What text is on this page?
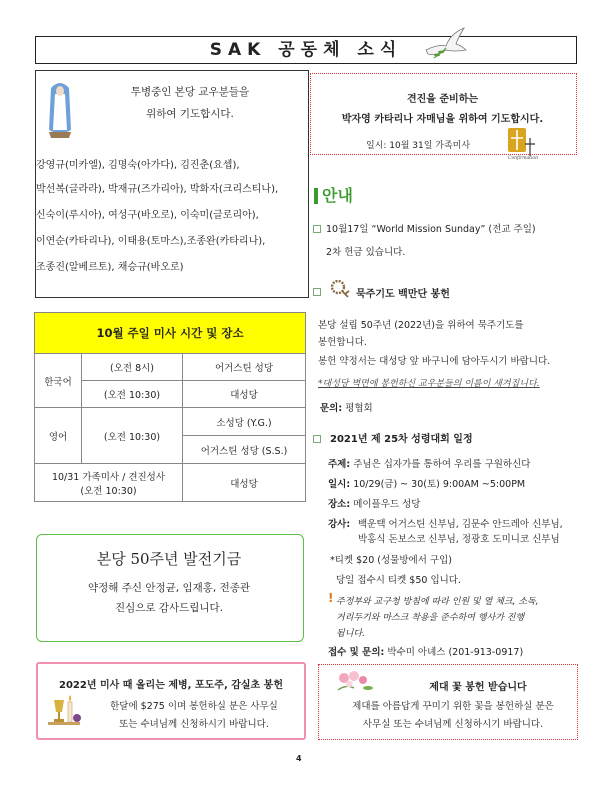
SAK 공동체 소식
투병중인 본당 교우분들을
위하여 기도합시다.
강영규(미카엘), 김명숙(아가다), 김진춘(요셉),
박선복(글라라), 박재규(즈가리아), 박화자(크리스티나),
신숙이(루시아), 여성구(바오로), 이숙미(글로리아),
이연순(카타리나), 이태용(토마스),조종완(카타리나),
조종진(알베르토), 채승규(바오로)
견진을 준비하는
박자영 카타리나 자매님을 위하여 기도합시다.
일시: 10월 31일 가족미사
Confirmation
안내
10월17일 “World Mission Sunday” (전교 주일)
2차 헌금 있습니다.
묵주기도 백만단 봉헌
본당 설립 50주년 (2022년)을 위하여 묵주기도를
봉헌합니다.
봉헌 약정서는 대성당 앞 바구니에 담아두시기 바랍니다.
*대성당 벽면에 봉헌하신 교우분들의 이름이 새겨집니다.
문의: 평협회
2021년 제 25차 성령대회 일정
주제: 주님은 십자가를 통하여 우리를 구원하신다
일시: 10/29(금) ~ 30(토) 9:00AM ~5:00PM
장소: 메이플우드 성당
강사: 백운택 어거스틴 신부님, 김문수 안드레아 신부님,
박홍식 돈보스코 신부님, 정광호 도미니코 신부님
*티켓 $20 (성물방에서 구입)
당일 접수시 티켓 $50 입니다.
! 주정부와 교구청 방침에 따라 인원 및 열 체크, 소독,
거리두기와 마스크 착용을 준수하여 행사가 진행
됩니다.
접수 및 문의: 박수미 아녜스 (201-913-0917)
10월 주일 미사 시간 및 장소		
한국어	(오전 8시)	어거스틴 성당
	(오전 10:30)	대성당
영어	(오전 10:30)	소성당 (Y.G.)
		어거스틴 성당 (S.S.)

10/31 가족미사 / 견진성사
(오전 10:30)		대성당
본당 50주년 발전기금
약정해 주신 안정균, 임재홍, 전종관
진심으로 감사드립니다.
2022년 미사 때 올리는 제병, 포도주, 감실초 봉헌
한달에 $275 이며 봉헌하실 분은 사무실
또는 수녀님께 신청하시기 바랍니다.
제대 꽃 봉헌 받습니다
제대를 아름답게 꾸미기 위한 꽃을 봉헌하실 분은
사무실 또는 수녀님께 신청하시기 바랍니다.
4
